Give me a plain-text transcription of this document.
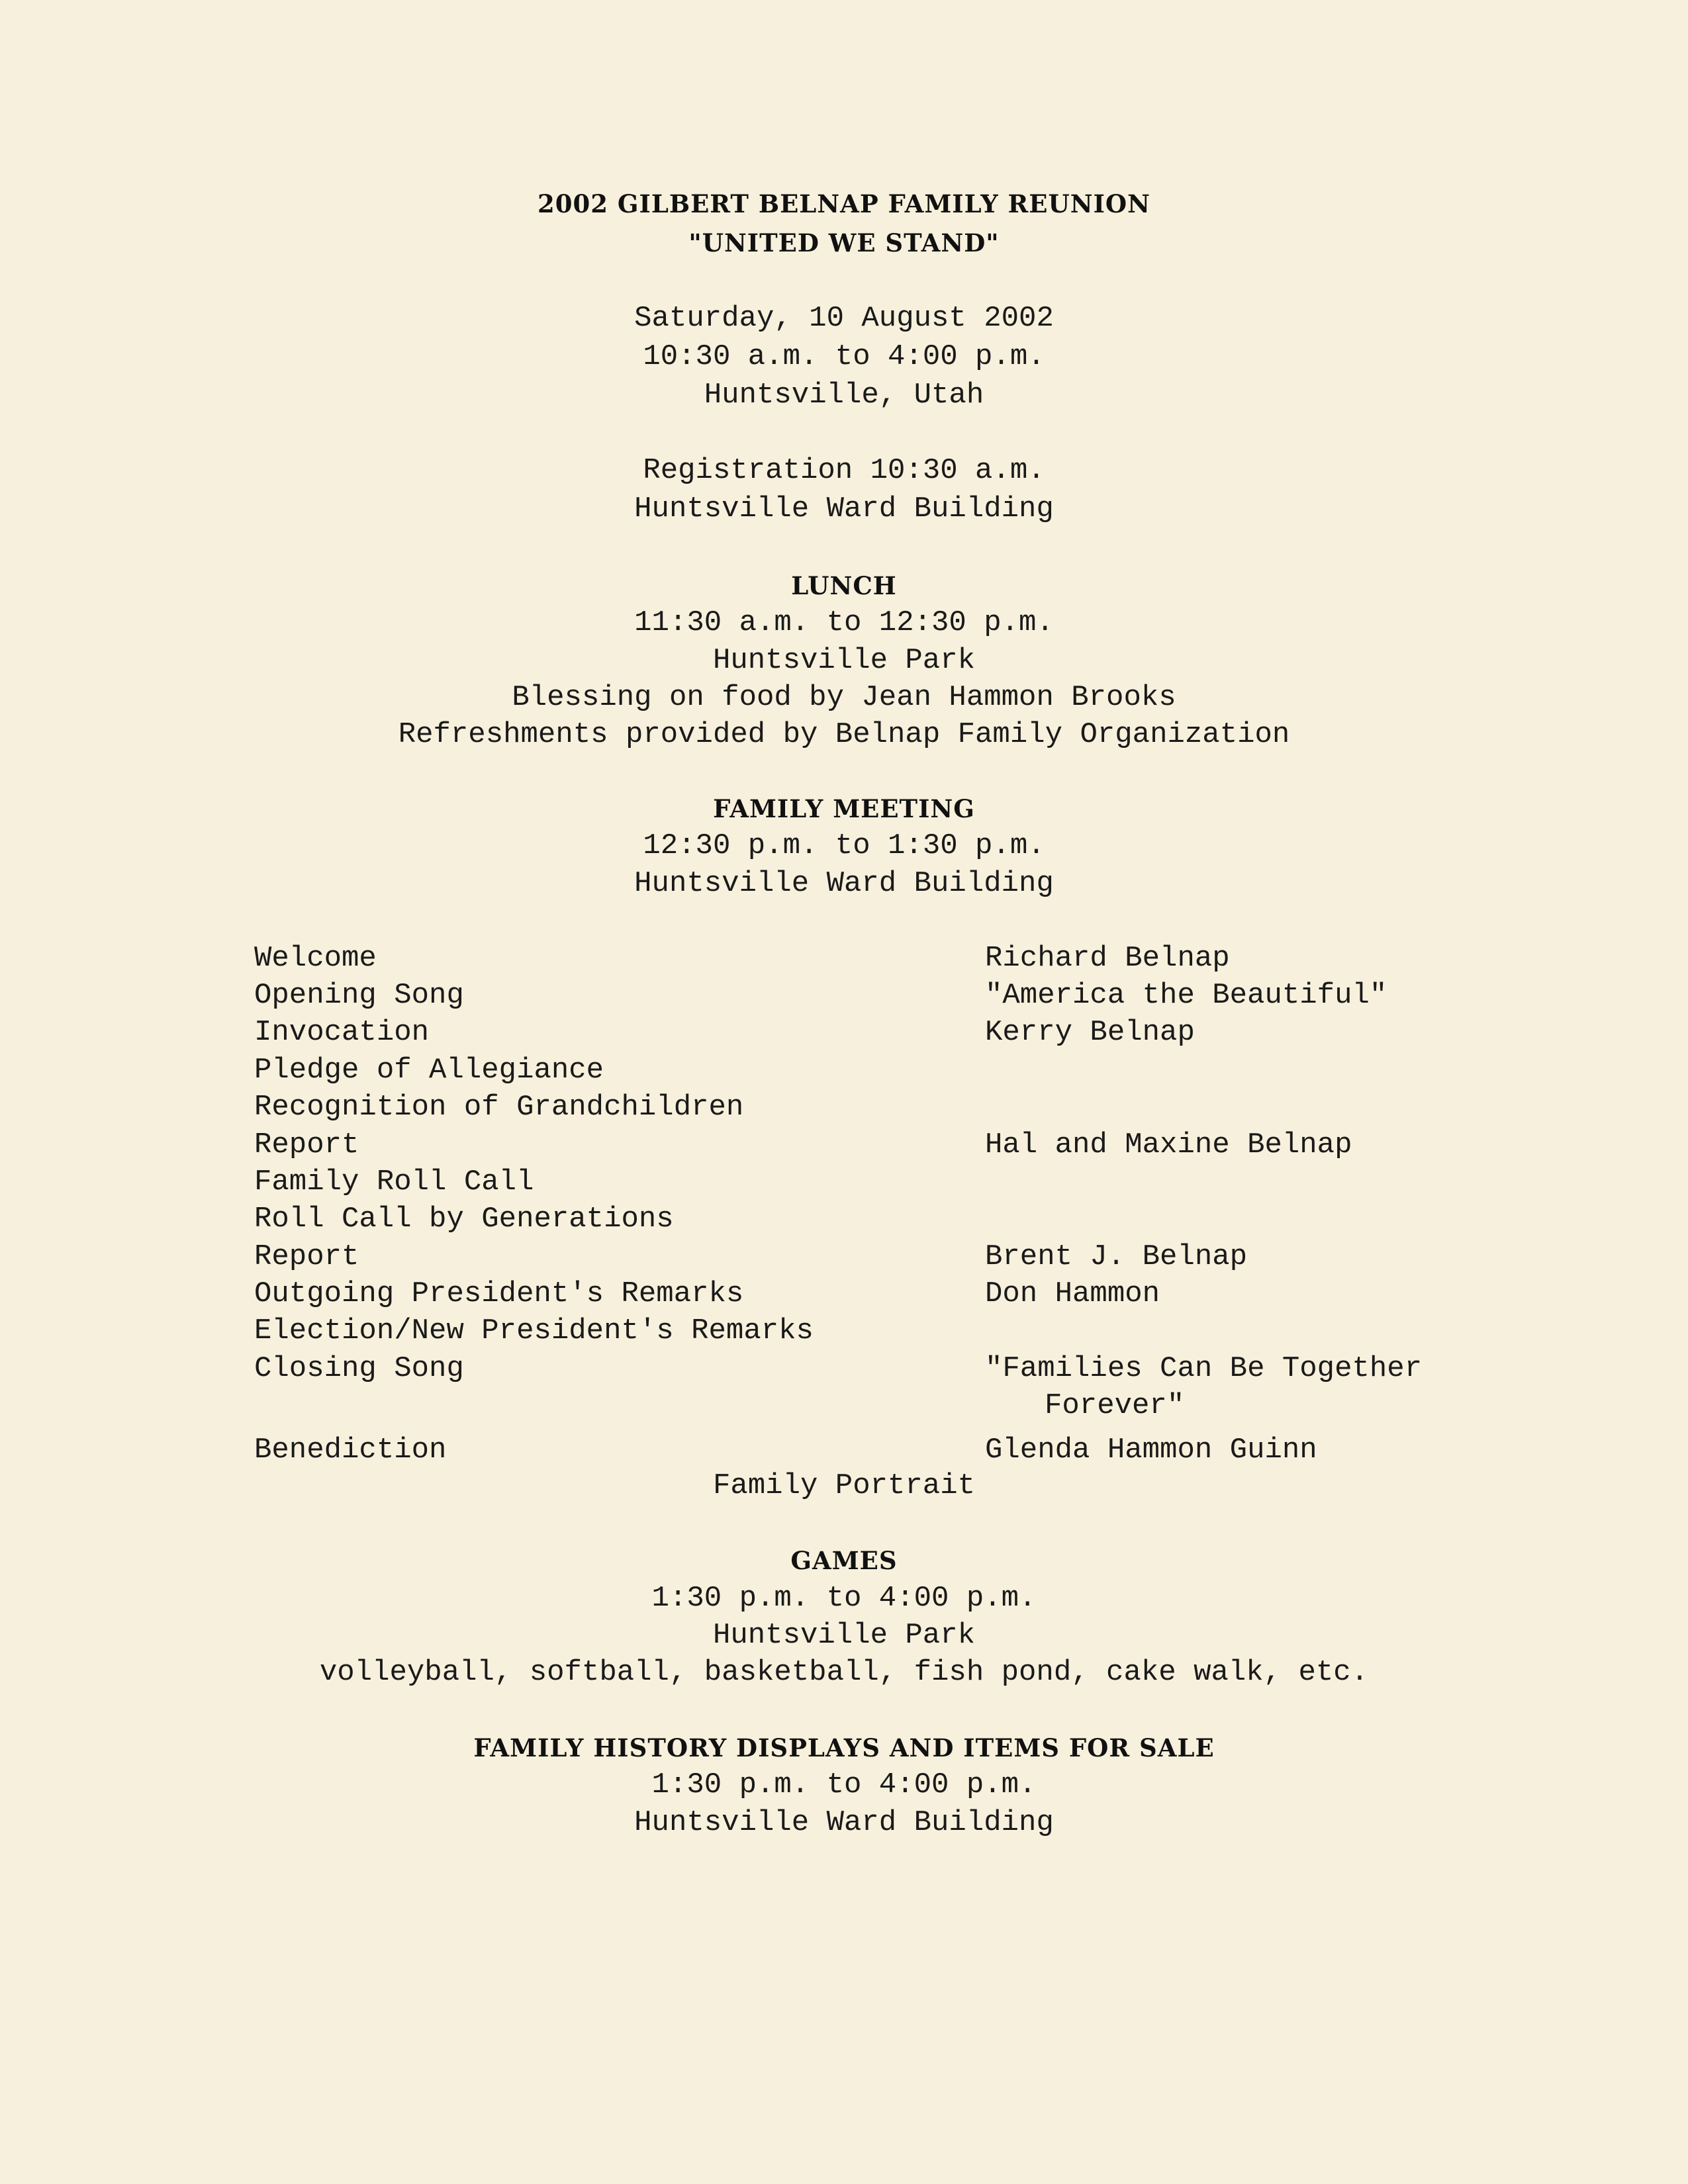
2002 GILBERT BELNAP FAMILY REUNION
"UNITED WE STAND"
Saturday, 10 August 2002
10:30 a.m. to 4:00 p.m.
Huntsville, Utah
Registration 10:30 a.m.
Huntsville Ward Building
LUNCH
11:30 a.m. to 12:30 p.m.
Huntsville Park
Blessing on food by Jean Hammon Brooks
Refreshments provided by Belnap Family Organization
FAMILY MEETING
12:30 p.m. to 1:30 p.m.
Huntsville Ward Building
Welcome	Richard Belnap
Opening Song	"America the Beautiful"
Invocation	Kerry Belnap
Pledge of Allegiance
Recognition of Grandchildren
Report	Hal and Maxine Belnap
Family Roll Call
Roll Call by Generations
Report	Brent J. Belnap
Outgoing President's Remarks	Don Hammon
Election/New President's Remarks
Closing Song	"Families Can Be Together
Forever"
Benediction	Glenda Hammon Guinn
Family Portrait
GAMES
1:30 p.m. to 4:00 p.m.
Huntsville Park
volleyball, softball, basketball, fish pond, cake walk, etc.
FAMILY HISTORY DISPLAYS AND ITEMS FOR SALE
1:30 p.m. to 4:00 p.m.
Huntsville Ward Building
